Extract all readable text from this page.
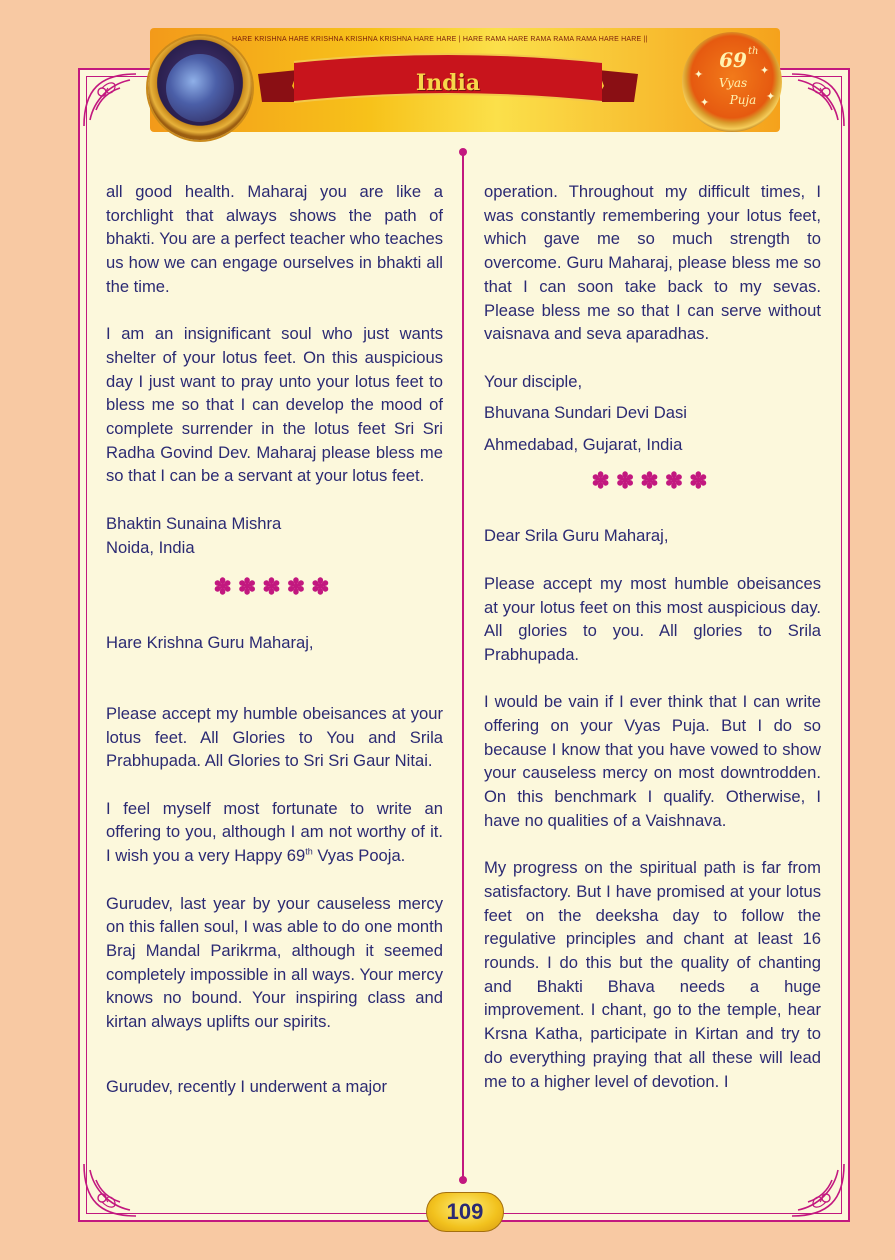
HARE KRISHNA HARE KRISHNA KRISHNA KRISHNA HARE HARE | HARE RAMA HARE RAMA RAMA RAMA HARE HARE ||
India
69 th
Vyas
Puja
✦	✦
✦	✦

all good health. Maharaj you are like a torchlight that always shows the path of bhakti. You are a perfect teacher who teaches us how we can engage ourselves in bhakti all the time.

I am an insignificant soul who just wants shelter of your lotus feet. On this auspicious day I just want to pray unto your lotus feet to bless me so that I can develop the mood of complete surrender in the lotus feet Sri Sri Radha Govind Dev. Maharaj please bless me so that I can be a servant at your lotus feet.

Bhaktin Sunaina Mishra

Noida, India

✽✽✽✽✽

Hare Krishna Guru Maharaj,

Please accept my humble obeisances at your lotus feet. All Glories to You and Srila Prabhupada. All Glories to Sri Sri Gaur Nitai.

I feel myself most fortunate to write an offering to you, although I am not worthy of it. I wish you a very Happy 69th Vyas Pooja.

Gurudev, last year by your causeless mercy on this fallen soul, I was able to do one month Braj Mandal Parikrma, although it seemed completely impossible in all ways. Your mercy knows no bound. Your inspiring class and kirtan always uplifts our spirits.

Gurudev, recently I underwent a major

operation. Throughout my difficult times, I was constantly remembering your lotus feet, which gave me so much strength to overcome. Guru Maharaj, please bless me so that I can soon take back to my sevas. Please bless me so that I can serve without vaisnava and seva aparadhas.

Your disciple,

Bhuvana Sundari Devi Dasi

Ahmedabad, Gujarat, India

✽✽✽✽✽

Dear Srila Guru Maharaj,

Please accept my most humble obeisances at your lotus feet on this most auspicious day. All glories to you. All glories to Srila Prabhupada.

I would be vain if I ever think that I can write offering on your Vyas Puja. But I do so because I know that you have vowed to show your causeless mercy on most downtrodden. On this benchmark I qualify. Otherwise, I have no qualities of a Vaishnava.

My progress on the spiritual path is far from satisfactory. But I have promised at your lotus feet on the deeksha day to follow the regulative principles and chant at least 16 rounds. I do this but the quality of chanting and Bhakti Bhava needs a huge improvement. I chant, go to the temple, hear Krsna Katha, participate in Kirtan and try to do everything praying that all these will lead me to a higher level of devotion. I

109
